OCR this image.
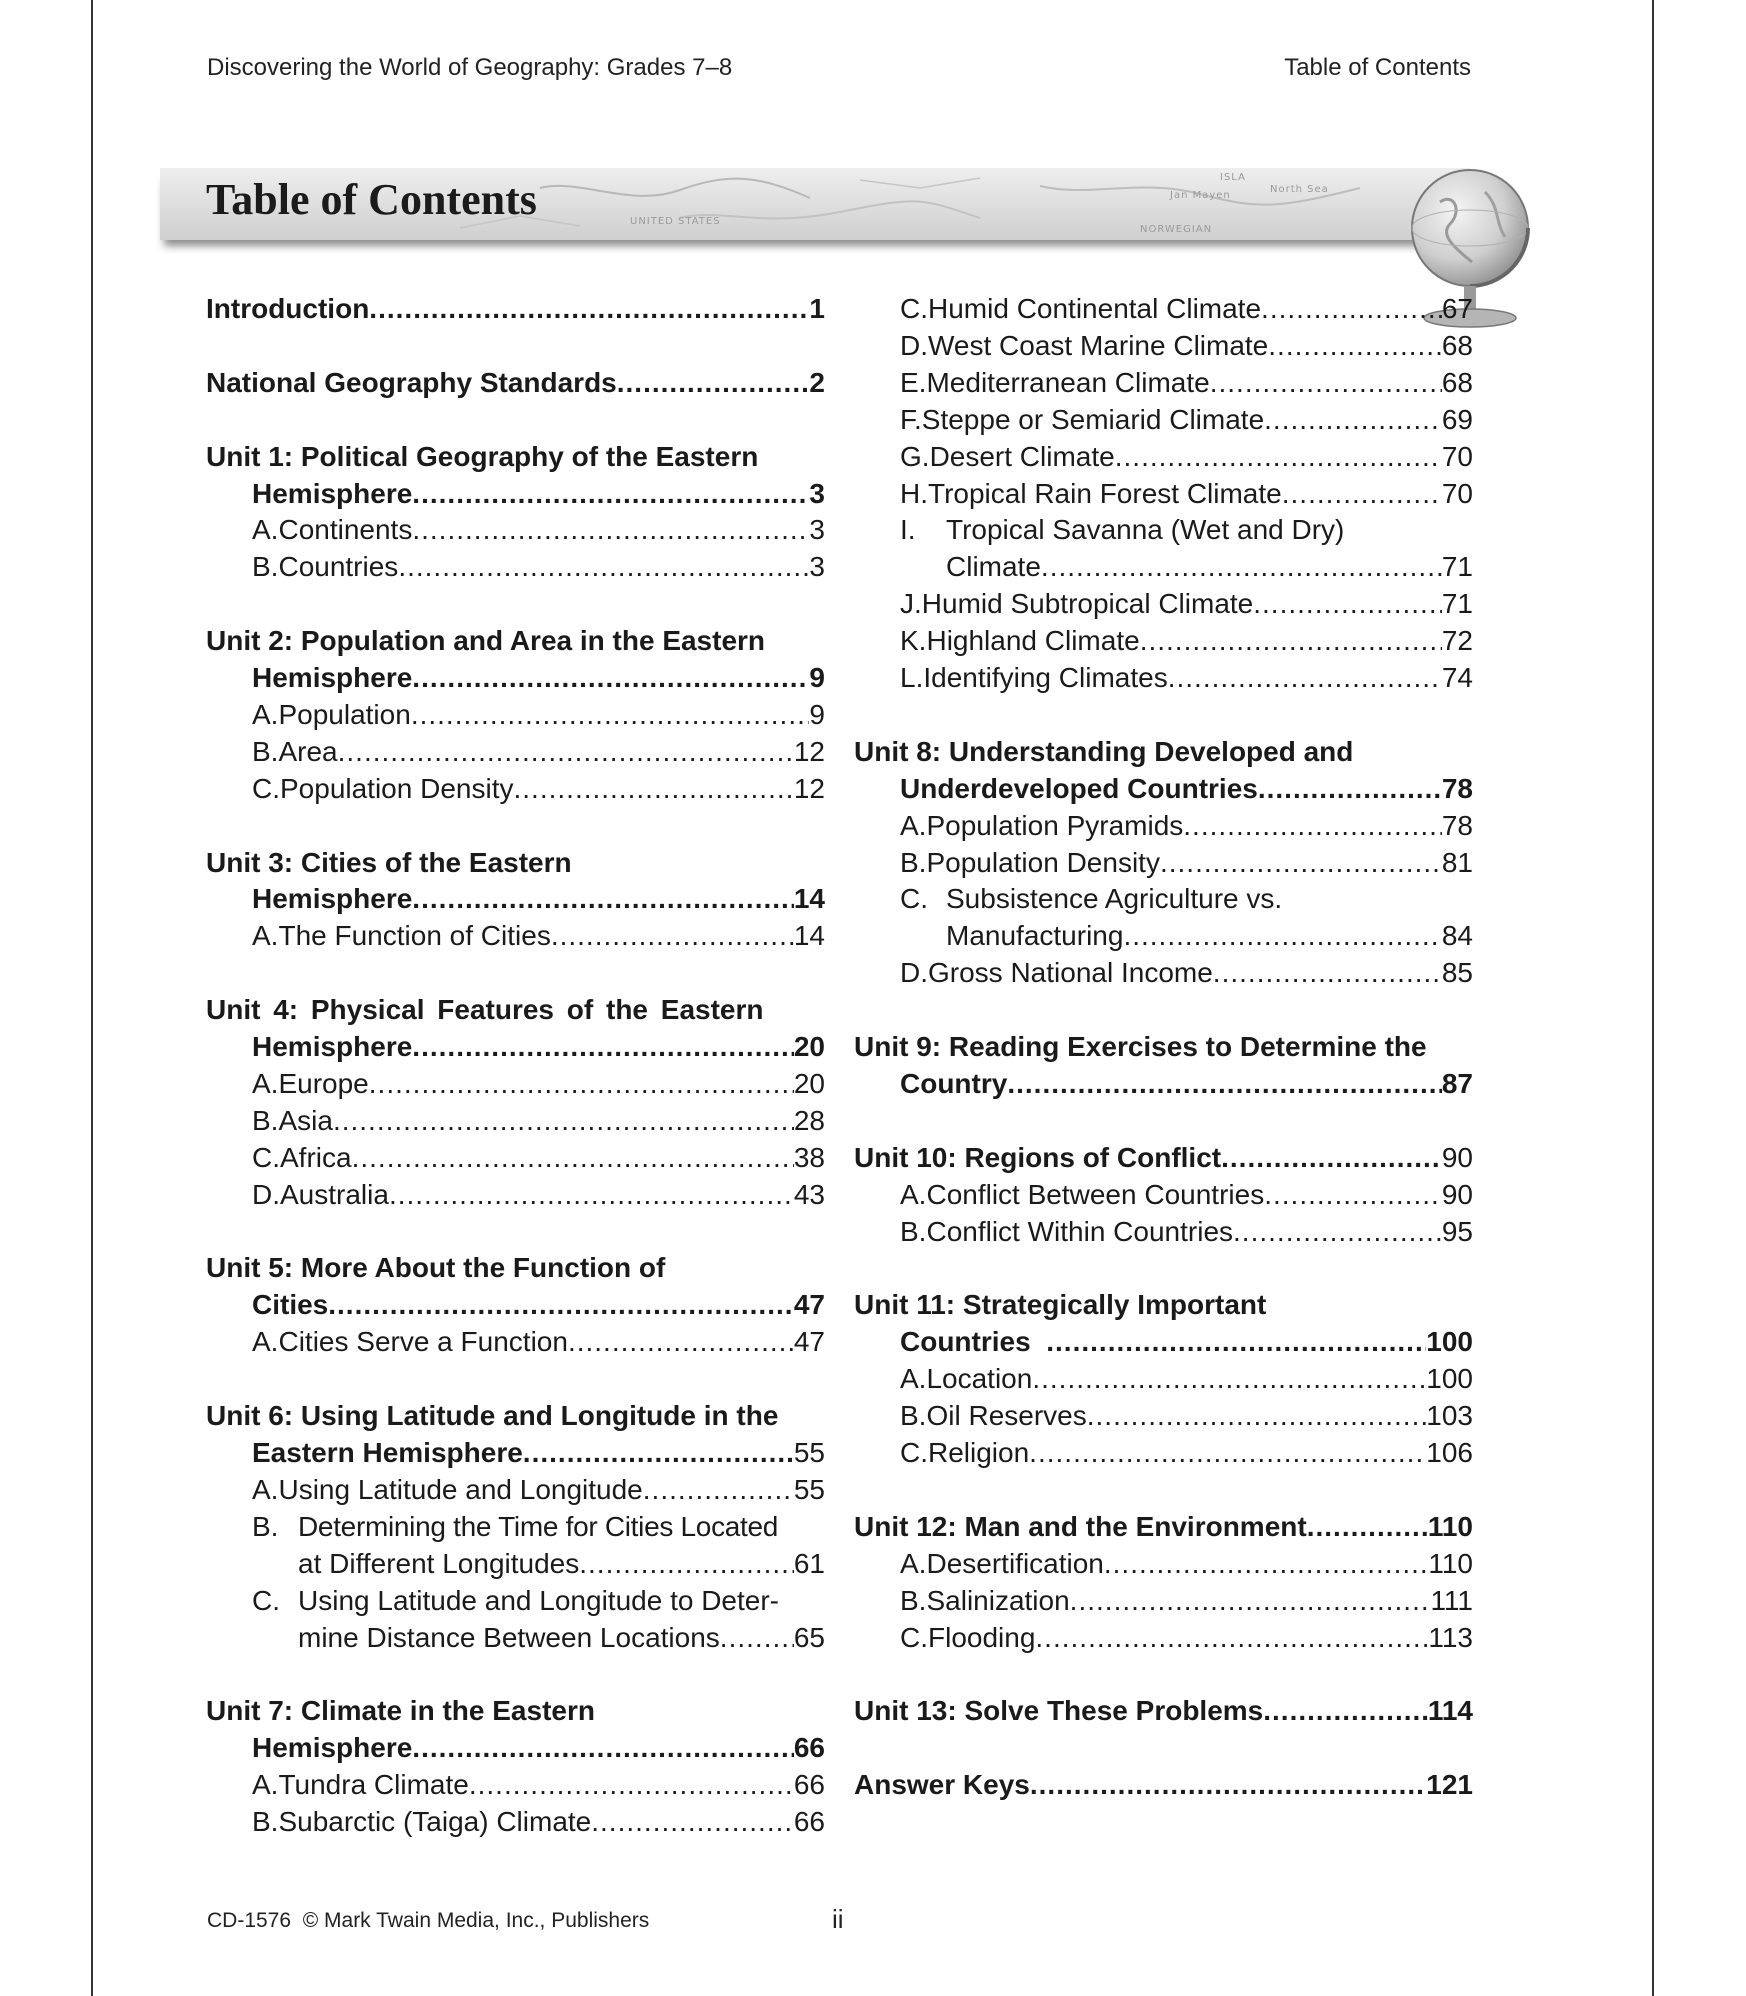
Discovering the World of Geography: Grades 7–8	Table of Contents
UNITED STATES
Jan Mayen
NORWEGIAN
North Sea
ISLA
Table of Contents
Introduction .....	1
National Geography Standards .....	2
Unit 1: Political Geography of the Eastern
Hemisphere .....	3
A. Continents .....	3
B. Countries .....	3
Unit 2: Population and Area in the Eastern
Hemisphere .....	9
A. Population .....	9
B. Area .....	12
C. Population Density .....	12
Unit 3: Cities of the Eastern
Hemisphere .....	14
A. The Function of Cities .....	14
Unit 4: Physical Features of the Eastern
Hemisphere .....	20
A. Europe .....	20
B. Asia .....	28
C. Africa .....	38
D. Australia .....	43
Unit 5: More About the Function of
Cities .....	47
A. Cities Serve a Function .....	47
Unit 6: Using Latitude and Longitude in the
Eastern Hemisphere .....	55
A. Using Latitude and Longitude .....	55
B. Determining the Time for Cities Located
at Different Longitudes .....	61
C. Using Latitude and Longitude to Deter-
mine Distance Between Locations .....	65
Unit 7: Climate in the Eastern
Hemisphere .....	66
A. Tundra Climate .....	66
B. Subarctic (Taiga) Climate .....	66
C. Humid Continental Climate .....	67
D. West Coast Marine Climate .....	68
E. Mediterranean Climate .....	68
F. Steppe or Semiarid Climate .....	69
G. Desert Climate .....	70
H. Tropical Rain Forest Climate .....	70
I.	Tropical Savanna (Wet and Dry)
Climate .....	71
J. Humid Subtropical Climate .....	71
K. Highland Climate .....	72
L. Identifying Climates .....	74
Unit 8: Understanding Developed and
Underdeveloped Countries .....	78
A. Population Pyramids .....	78
B. Population Density .....	81
C. Subsistence Agriculture vs.
Manufacturing .....	84
D. Gross National Income .....	85
Unit 9: Reading Exercises to Determine the
Country .....	87
Unit 10: Regions of Conflict .....	90
A. Conflict Between Countries .....	90
B. Conflict Within Countries .....	95
Unit 11: Strategically Important
Countries .....	100
A. Location .....	100
B. Oil Reserves .....	103
C. Religion .....	106
Unit 12: Man and the Environment .....	110
A. Desertification .....	110
B. Salinization .....	111
C. Flooding .....	113
Unit 13: Solve These Problems .....	114
Answer Keys .....	121
CD-1576  © Mark Twain Media, Inc., Publishers	ii
